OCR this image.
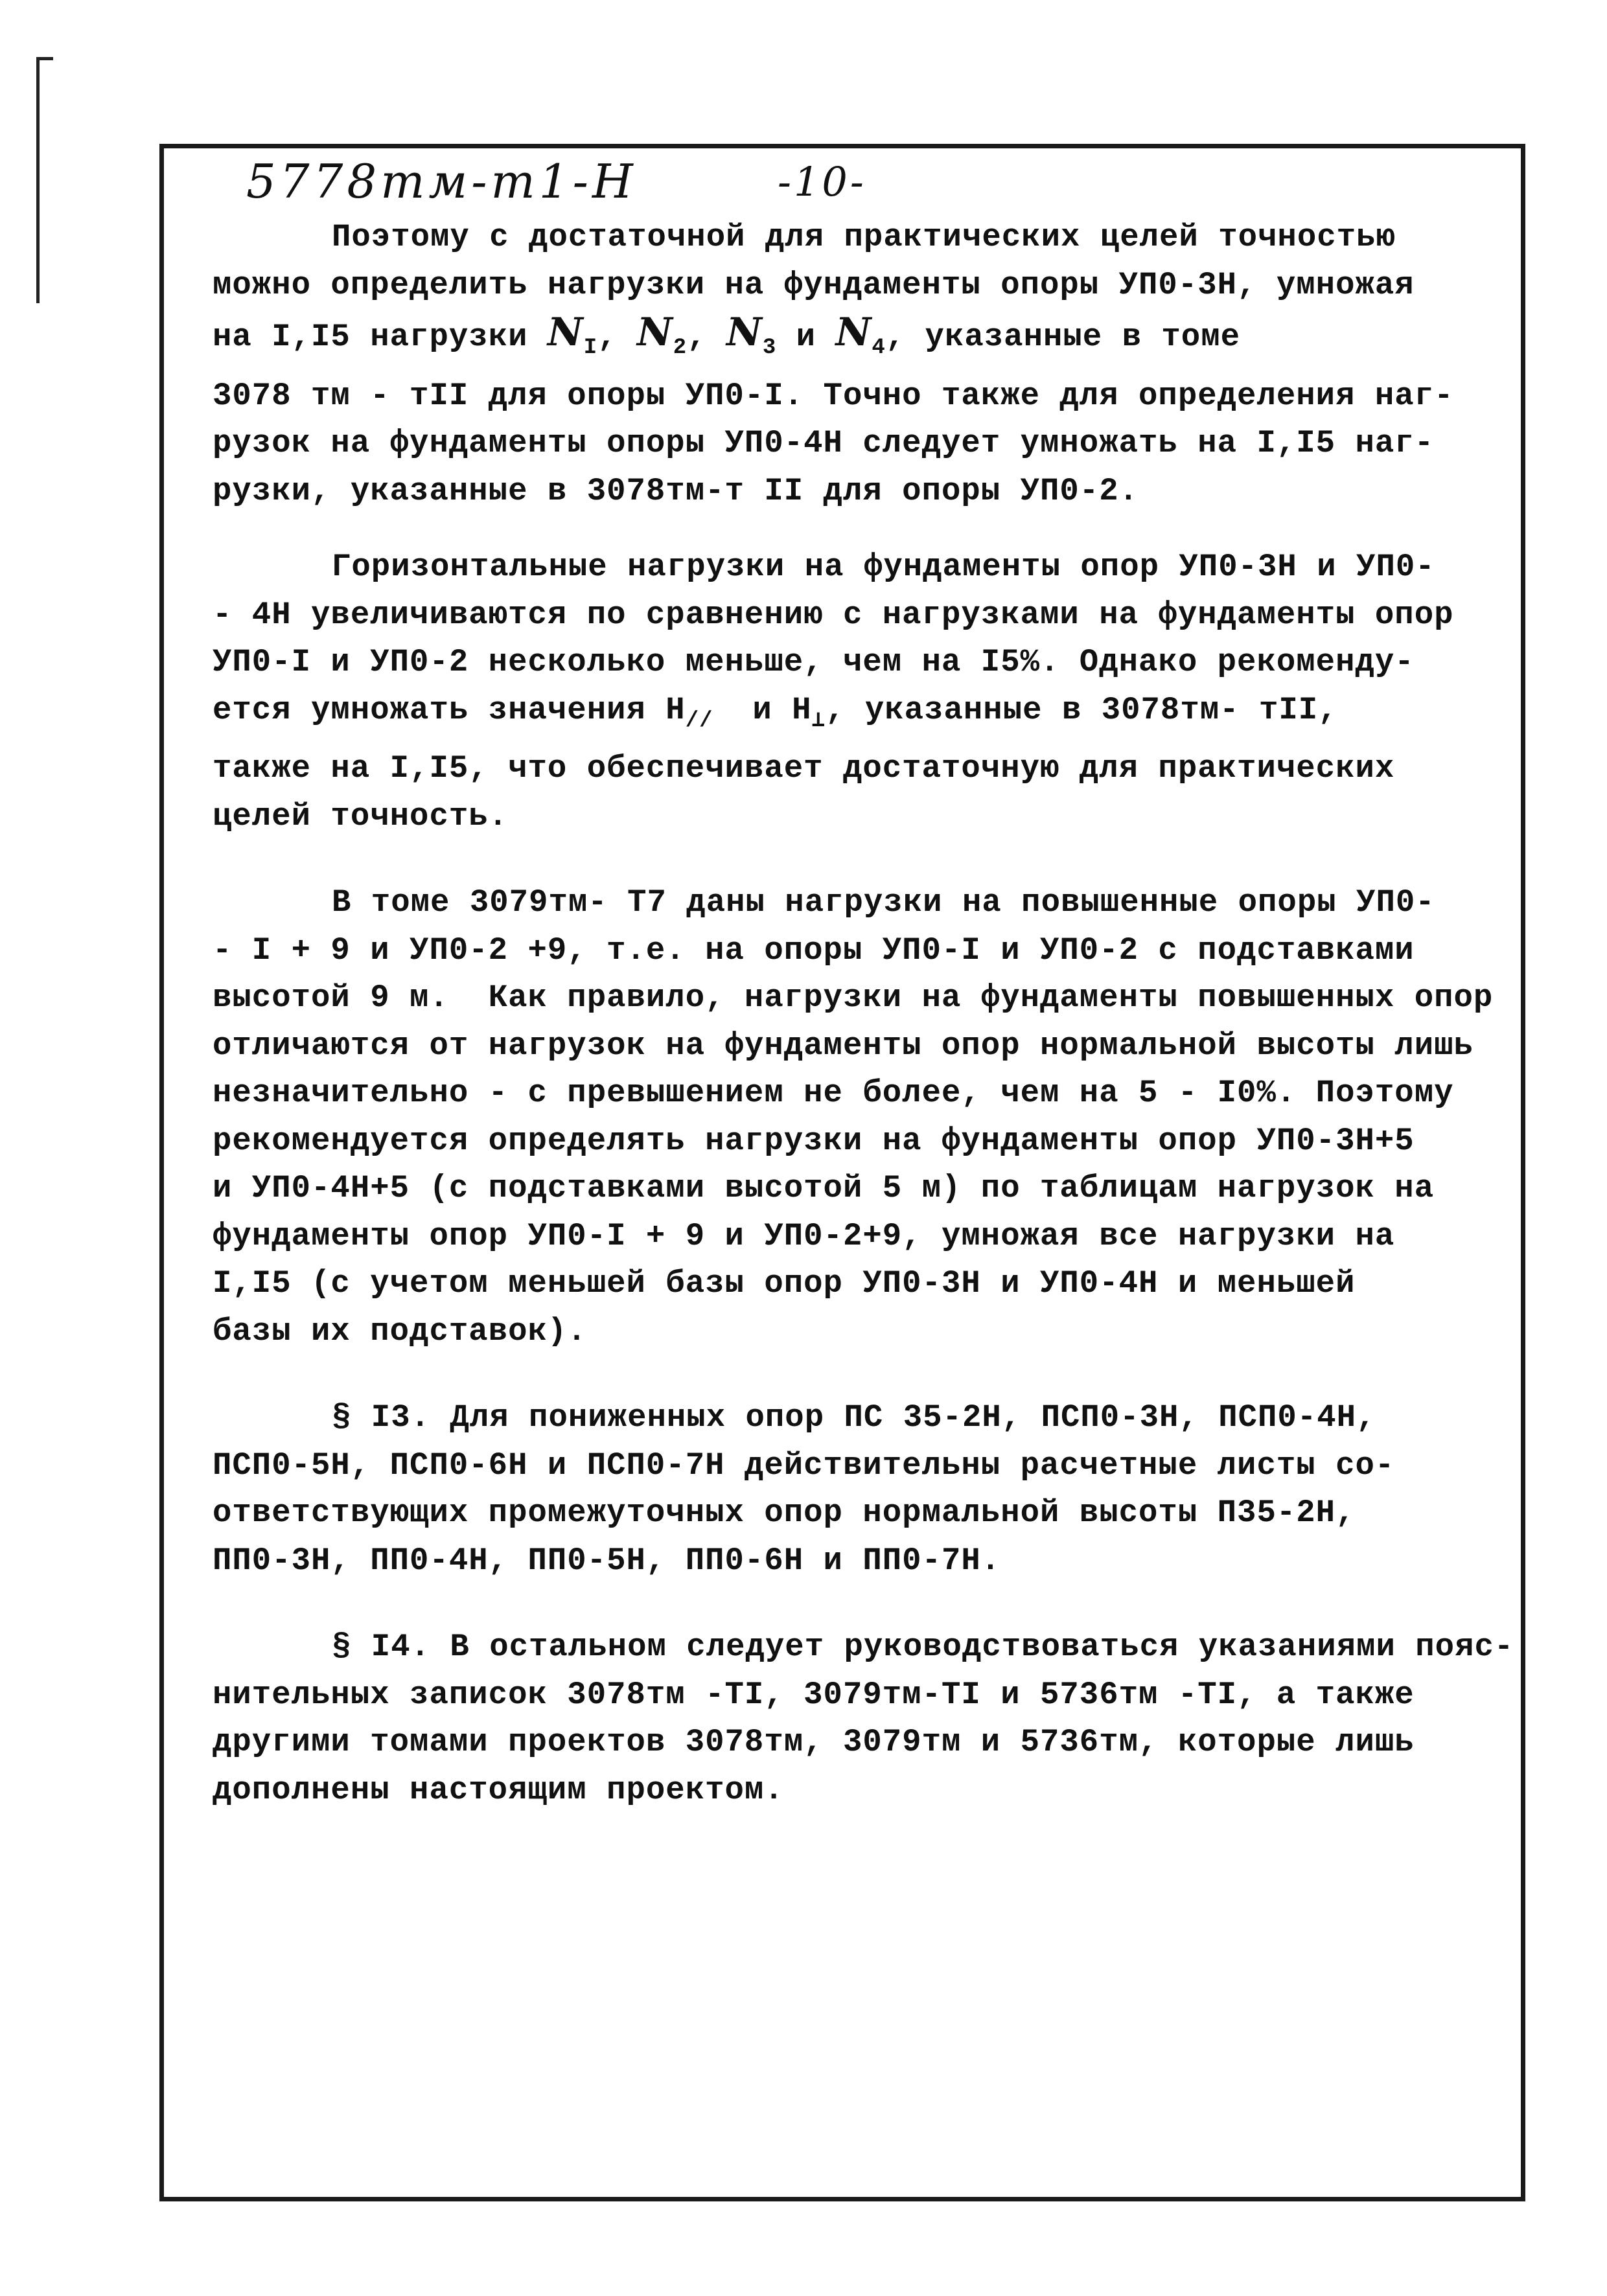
5778тм-т1-Н	-10-
Поэтому с достаточной для практических целей точностью
можно определить нагрузки на фундаменты опоры УП0-3Н, умножая
на I,I5 нагрузки $N_I$, $N_2$, $N_3$ и $N_4$, указанные в томе
3078 тм - тII для опоры УП0-I. Точно также для определения наг-
рузок на фундаменты опоры УП0-4Н следует умножать на I,I5 наг-
рузки, указанные в 3078тм-т II для опоры УП0-2.
Горизонтальные нагрузки на фундаменты опор УП0-3Н и УП0-
- 4Н увеличиваются по сравнению с нагрузками на фундаменты опор
УП0-I и УП0-2 несколько меньше, чем на I5%. Однако рекоменду-
ется умножать значения $Н_{//}$  и $Н_\perp$, указанные в 3078тм- тII,
также на I,I5, что обеспечивает достаточную для практических
целей точность.
В томе 3079тм- Т7 даны нагрузки на повышенные опоры УП0-
- I + 9 и УП0-2 +9, т.е. на опоры УП0-I и УП0-2 с подставками
высотой 9 м.  Как правило, нагрузки на фундаменты повышенных опор
отличаются от нагрузок на фундаменты опор нормальной высоты лишь
незначительно - с превышением не более, чем на 5 - I0%. Поэтому
рекомендуется определять нагрузки на фундаменты опор УП0-3Н+5
и УП0-4Н+5 (с подставками высотой 5 м) по таблицам нагрузок на
фундаменты опор УП0-I + 9 и УП0-2+9, умножая все нагрузки на
I,I5 (с учетом меньшей базы опор УП0-3Н и УП0-4Н и меньшей
базы их подставок).
§ I3. Для пониженных опор ПС 35-2Н, ПСП0-3Н, ПСП0-4Н,
ПСП0-5Н, ПСП0-6Н и ПСП0-7Н действительны расчетные листы со-
ответствующих промежуточных опор нормальной высоты П35-2Н,
ПП0-3Н, ПП0-4Н, ПП0-5Н, ПП0-6Н и ПП0-7Н.
§ I4. В остальном следует руководствоваться указаниями пояс-
нительных записок 3078тм -ТI, 3079тм-ТI и 5736тм -ТI, а также
другими томами проектов 3078тм, 3079тм и 5736тм, которые лишь
дополнены настоящим проектом.
